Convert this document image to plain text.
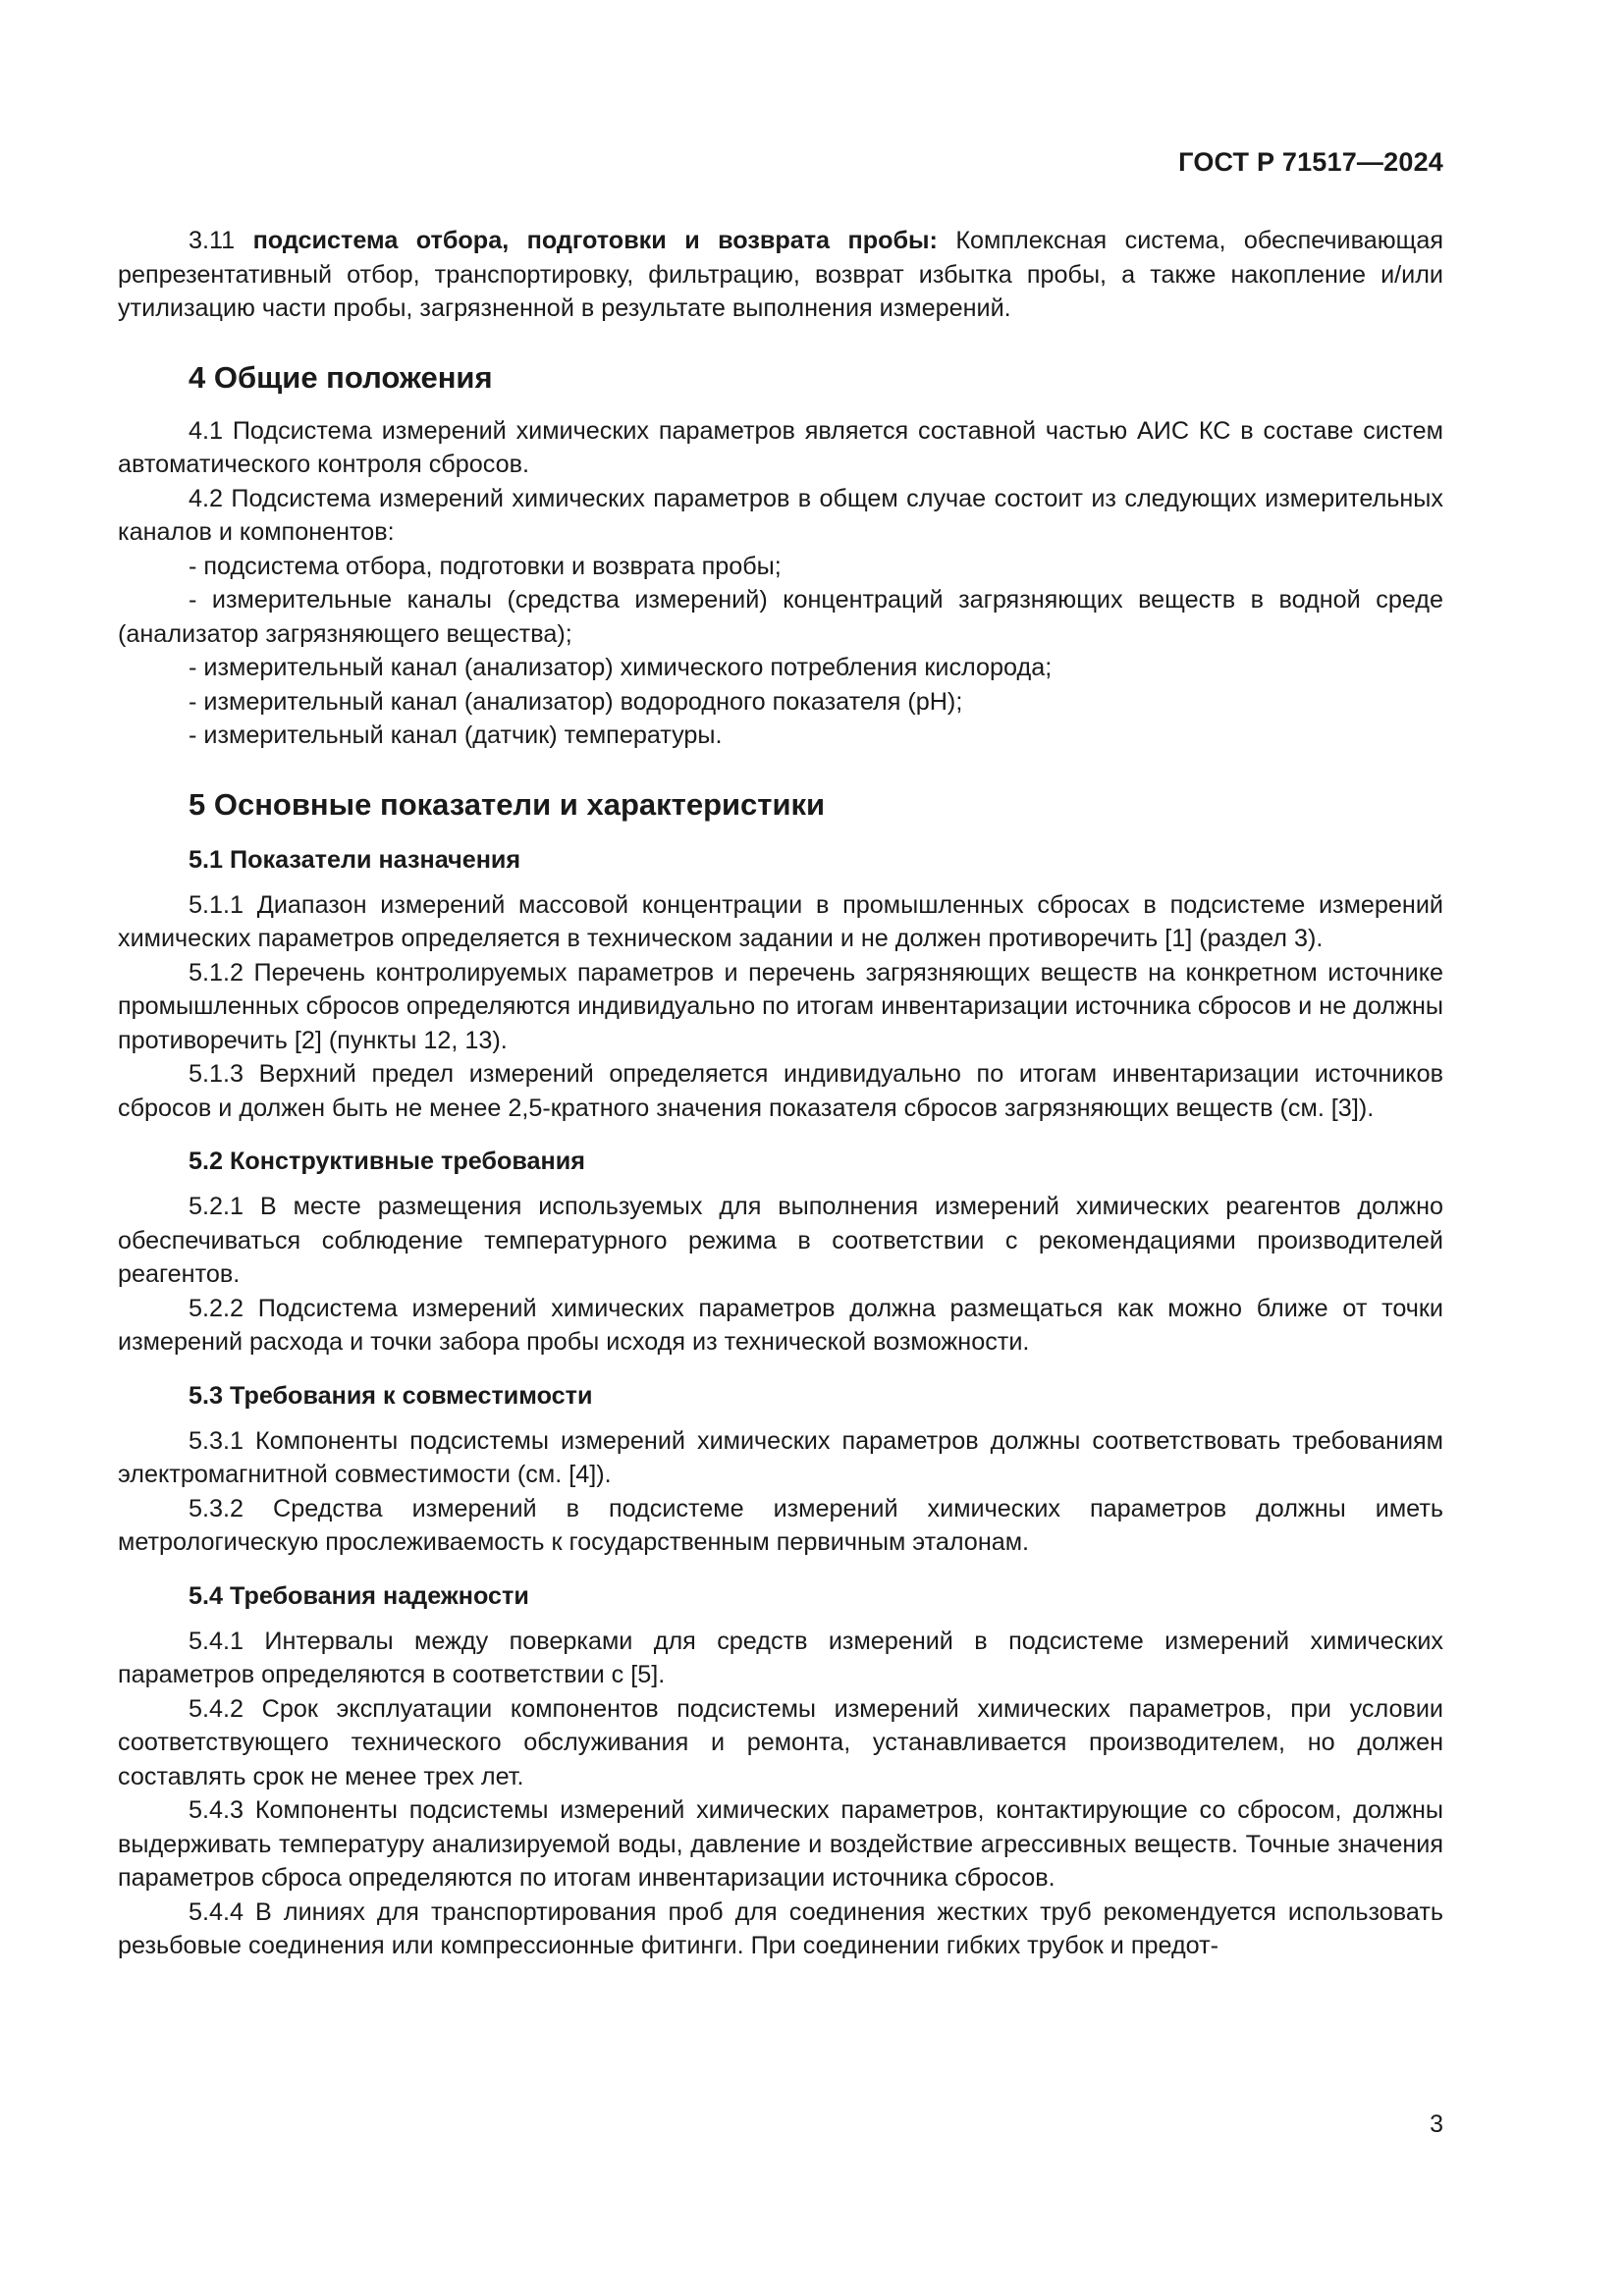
ГОСТ Р 71517—2024

3.11 подсистема отбора, подготовки и возврата пробы: Комплексная система, обеспечивающая репрезентативный отбор, транспортировку, фильтрацию, возврат избытка пробы, а также накопление и/или утилизацию части пробы, загрязненной в результате выполнения измерений.

4 Общие положения

4.1 Подсистема измерений химических параметров является составной частью АИС КС в составе систем автоматического контроля сбросов.

4.2 Подсистема измерений химических параметров в общем случае состоит из следующих измерительных каналов и компонентов:

- подсистема отбора, подготовки и возврата пробы;

- измерительные каналы (средства измерений) концентраций загрязняющих веществ в водной среде (анализатор загрязняющего вещества);

- измерительный канал (анализатор) химического потребления кислорода;

- измерительный канал (анализатор) водородного показателя (pH);

- измерительный канал (датчик) температуры.

5 Основные показатели и характеристики
5.1 Показатели назначения

5.1.1 Диапазон измерений массовой концентрации в промышленных сбросах в подсистеме измерений химических параметров определяется в техническом задании и не должен противоречить [1] (раздел 3).

5.1.2 Перечень контролируемых параметров и перечень загрязняющих веществ на конкретном источнике промышленных сбросов определяются индивидуально по итогам инвентаризации источника сбросов и не должны противоречить [2] (пункты 12, 13).

5.1.3 Верхний предел измерений определяется индивидуально по итогам инвентаризации источников сбросов и должен быть не менее 2,5-кратного значения показателя сбросов загрязняющих веществ (см. [3]).

5.2 Конструктивные требования

5.2.1 В месте размещения используемых для выполнения измерений химических реагентов должно обеспечиваться соблюдение температурного режима в соответствии с рекомендациями производителей реагентов.

5.2.2 Подсистема измерений химических параметров должна размещаться как можно ближе от точки измерений расхода и точки забора пробы исходя из технической возможности.

5.3 Требования к совместимости

5.3.1 Компоненты подсистемы измерений химических параметров должны соответствовать требованиям электромагнитной совместимости (см. [4]).

5.3.2 Средства измерений в подсистеме измерений химических параметров должны иметь метрологическую прослеживаемость к государственным первичным эталонам.

5.4 Требования надежности

5.4.1 Интервалы между поверками для средств измерений в подсистеме измерений химических параметров определяются в соответствии с [5].

5.4.2 Срок эксплуатации компонентов подсистемы измерений химических параметров, при условии соответствующего технического обслуживания и ремонта, устанавливается производителем, но должен составлять срок не менее трех лет.

5.4.3 Компоненты подсистемы измерений химических параметров, контактирующие со сбросом, должны выдерживать температуру анализируемой воды, давление и воздействие агрессивных веществ. Точные значения параметров сброса определяются по итогам инвентаризации источника сбросов.

5.4.4 В линиях для транспортирования проб для соединения жестких труб рекомендуется использовать резьбовые соединения или компрессионные фитинги. При соединении гибких трубок и предот-

3
